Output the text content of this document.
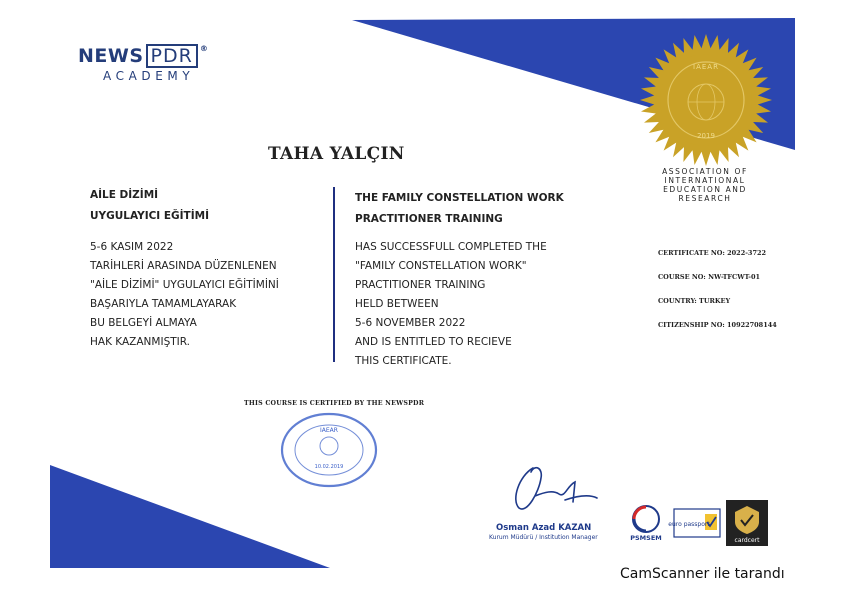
NEWS PDR ®
ACADEMY
IAEAR
2019
ASSOCIATION OF
INTERNATIONAL
EDUCATION AND
RESEARCH
TAHA YALÇIN
AİLE DİZİMİ
UYGULAYICI EĞİTİMİ
5-6 KASIM 2022
TARİHLERİ ARASINDA DÜZENLENEN
"AİLE DİZİMİ" UYGULAYICI EĞİTİMİNİ
BAŞARIYLA TAMAMLAYARAK
BU BELGEYİ ALMAYA
HAK KAZANMIŞTIR.
THE FAMILY CONSTELLATION WORK
PRACTITIONER TRAINING
HAS SUCCESSFULL COMPLETED THE
"FAMILY CONSTELLATION WORK"
PRACTITIONER TRAINING
HELD BETWEEN
5-6 NOVEMBER 2022
AND IS ENTITLED TO RECIEVE
THIS CERTIFICATE.
CERTIFICATE NO: 2022-3722
COURSE NO: NW-TFCWT-01
COUNTRY: TURKEY
CITIZENSHIP NO: 10922708144
THIS COURSE IS CERTIFIED BY THE NEWSPDR
IAEAR
10.02.2019
Osman Azad KAZAN
Kurum Müdürü / Institution Manager	PSMSEM
euro passport
cardcert
CamScanner ile tarandı
